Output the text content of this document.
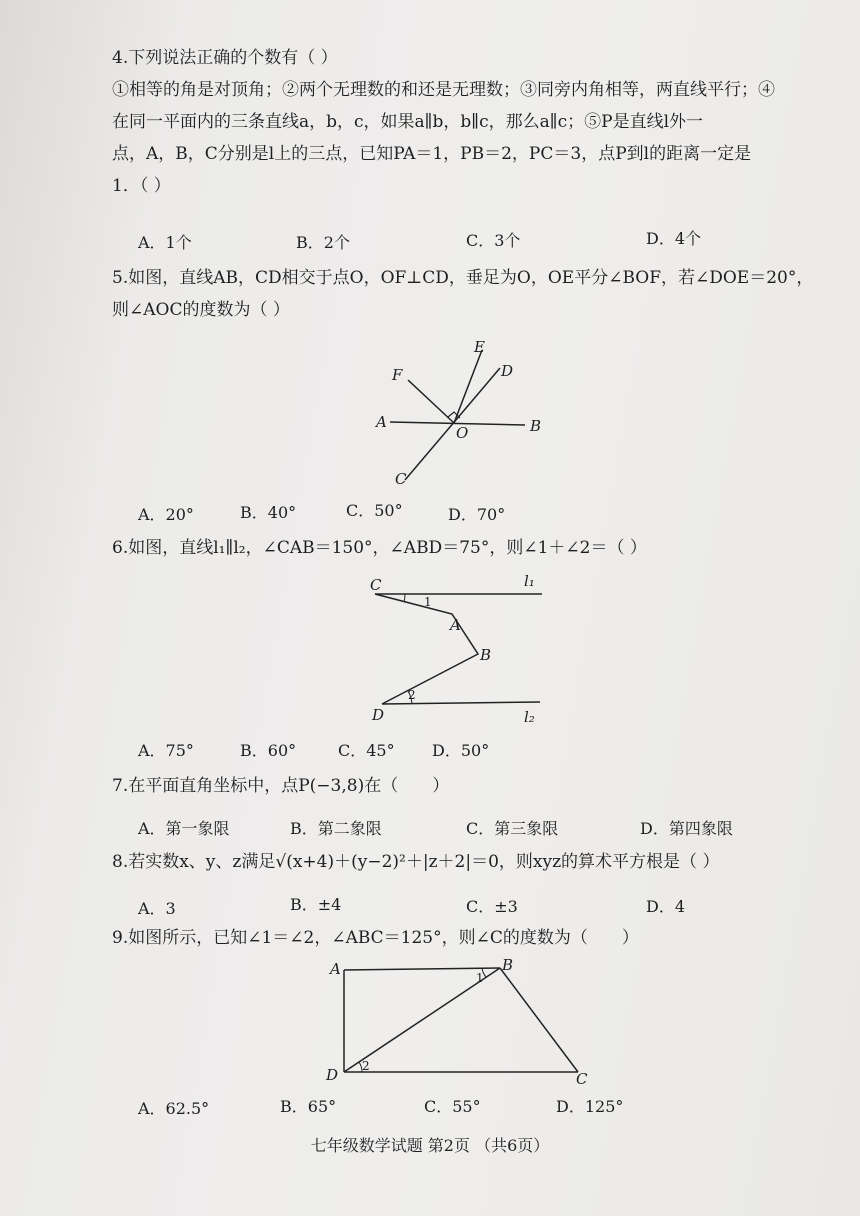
4.下列说法正确的个数有（ ）

①相等的角是对顶角；②两个无理数的和还是无理数；③同旁内角相等，两直线平行；④

在同一平面内的三条直线a，b，c，如果a∥b，b∥c，那么a∥c；⑤P是直线l外一

点，A，B，C分别是l上的三点，已知PA＝1，PB＝2，PC＝3，点P到l的距离一定是

1．（ ）

A．1个	B．2个	C．3个	D．4个

5.如图，直线AB，CD相交于点O，OF⊥CD，垂足为O，OE平分∠BOF，若∠DOE＝20°，

则∠AOC的度数为（ ）

E
F	D
A
O	B
C
A．20°	B．40°	C．50°	D．70°

6.如图，直线l₁∥l₂，∠CAB＝150°，∠ABD＝75°，则∠1＋∠2＝（ ）

C	l₁
1
A
B
2
D	l₂
A．75°	B．60°	C．45° D．50°

7.在平面直角坐标中，点P(−3,8)在（　　）

A．第一象限	B．第二象限	C．第三象限	D．第四象限

8.若实数x、y、z满足√(x+4)＋(y−2)²＋|z＋2|＝0，则xyz的算术平方根是（ ）

A．3	B．±4	C．±3	D．4

9.如图所示，已知∠1＝∠2，∠ABC＝125°，则∠C的度数为（　　）

A	B
1
D 2
C
A．62.5°	B．65°	C．55°	D．125°
七年级数学试题 第2页 （共6页）
